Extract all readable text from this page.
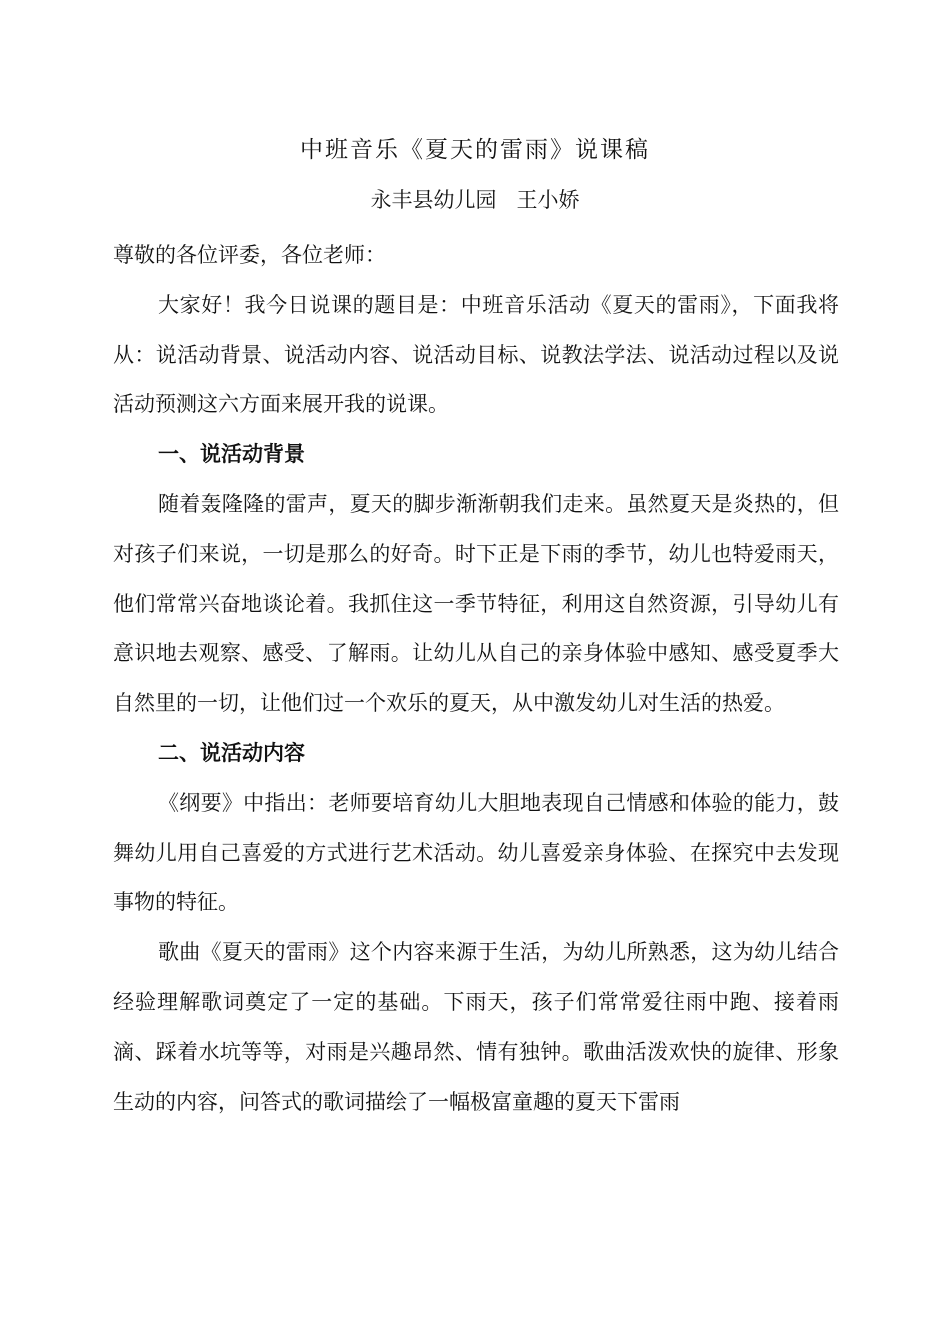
中班音乐《夏天的雷雨》说课稿
永丰县幼儿园 王小娇

尊敬的各位评委，各位老师：

大家好！我今日说课的题目是：中班音乐活动《夏天的雷雨》，下面我将从：说活动背景、说活动内容、说活动目标、说教法学法、说活动过程以及说活动预测这六方面来展开我的说课。

一、说活动背景

随着轰隆隆的雷声，夏天的脚步渐渐朝我们走来。虽然夏天是炎热的，但对孩子们来说，一切是那么的好奇。时下正是下雨的季节，幼儿也特爱雨天，他们常常兴奋地谈论着。我抓住这一季节特征，利用这自然资源，引导幼儿有意识地去观察、感受、了解雨。让幼儿从自己的亲身体验中感知、感受夏季大自然里的一切，让他们过一个欢乐的夏天，从中激发幼儿对生活的热爱。

二、说活动内容

《纲要》中指出：老师要培育幼儿大胆地表现自己情感和体验的能力，鼓舞幼儿用自己喜爱的方式进行艺术活动。幼儿喜爱亲身体验、在探究中去发现事物的特征。

歌曲《夏天的雷雨》这个内容来源于生活，为幼儿所熟悉，这为幼儿结合经验理解歌词奠定了一定的基础。下雨天，孩子们常常爱往雨中跑、接着雨滴、踩着水坑等等，对雨是兴趣昂然、情有独钟。歌曲活泼欢快的旋律、形象生动的内容，问答式的歌词描绘了一幅极富童趣的夏天下雷雨
